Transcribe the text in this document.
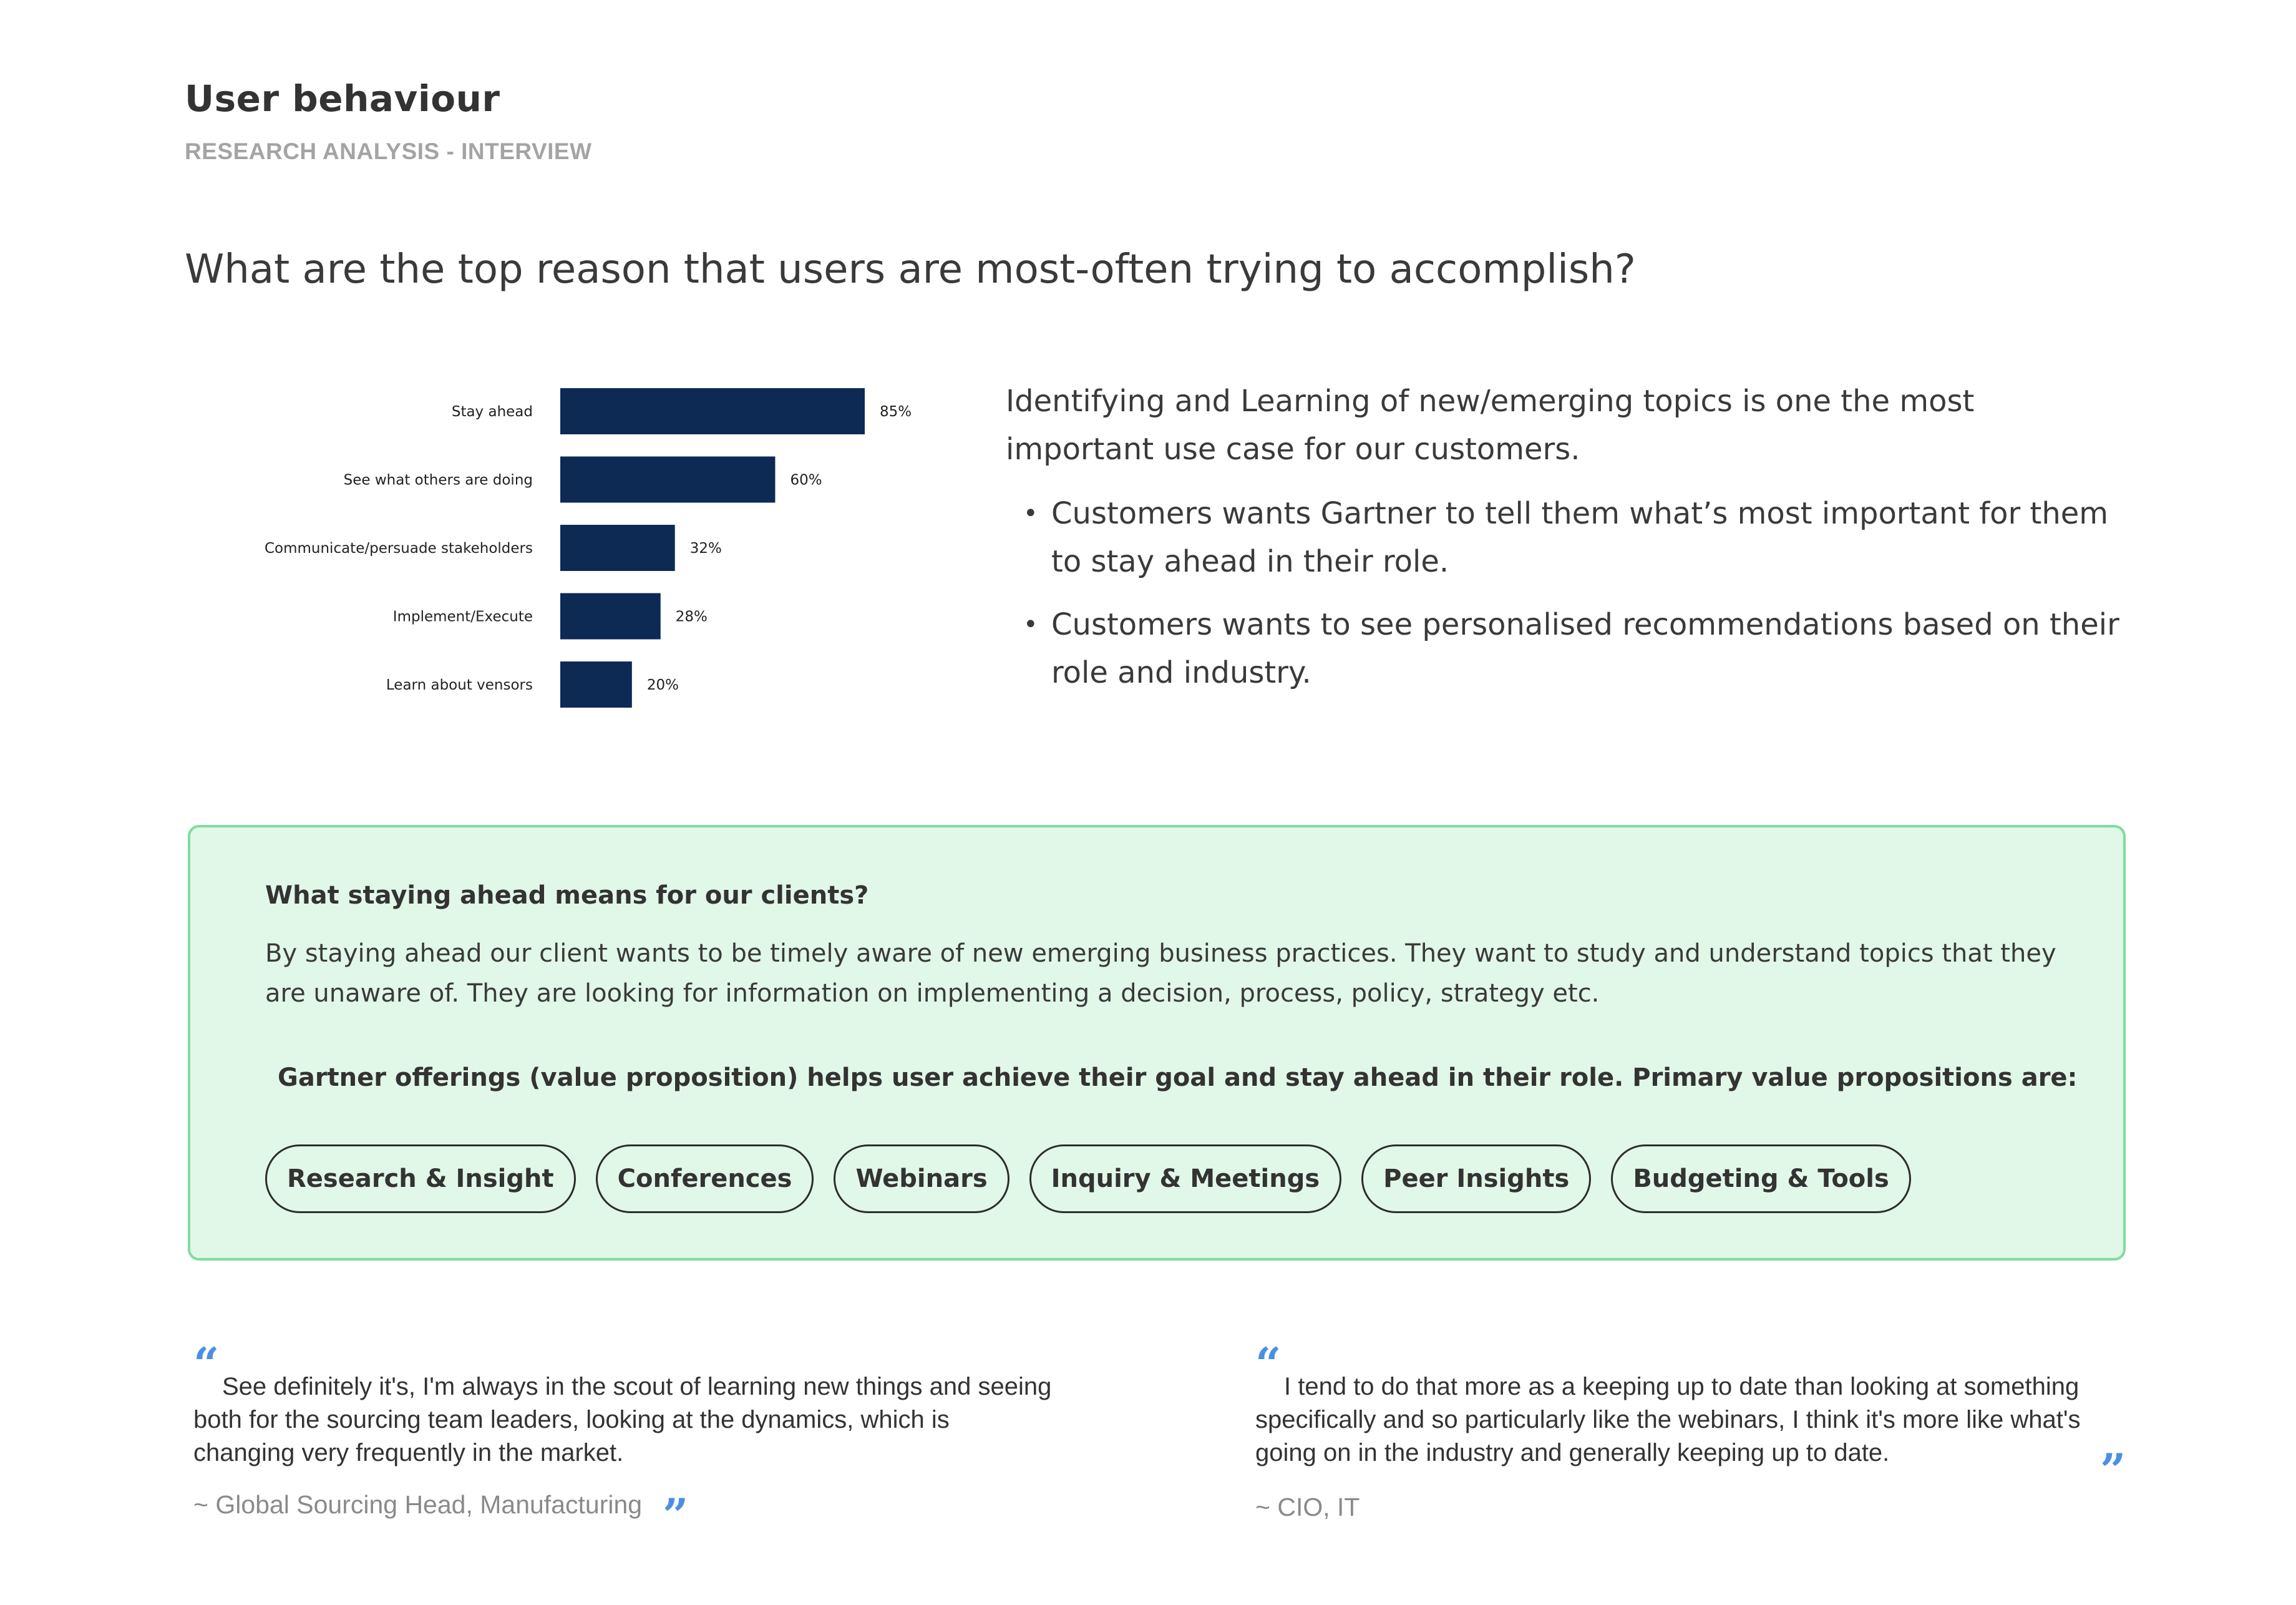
User behaviour
RESEARCH ANALYSIS - INTERVIEW
What are the top reason that users are most-often trying to accomplish?
Stay ahead	85%
See what others are doing	60%
Communicate/persuade stakeholders	32%
Implement/Execute	28%
Learn about vensors	20%
Identifying and Learning of new/emerging topics is one the most important use case for our customers.
• Customers wants Gartner to tell them what’s most important for them to stay ahead in their role.
• Customers wants to see personalised recommendations based on their role and industry.
What staying ahead means for our clients?
By staying ahead our client wants to be timely aware of new emerging business practices. They want to study and understand topics that they are unaware of. They are looking for information on implementing a decision, process, policy, strategy etc.
Gartner offerings (value proposition) helps user achieve their goal and stay ahead in their role. Primary value propositions are:
Research & Insight	Conferences	Webinars	Inquiry & Meetings	Peer Insights	Budgeting & Tools
“ See definitely it's, I'm always in the scout of learning new things and seeing both for the sourcing team leaders, looking at the dynamics, which is changing very frequently in the market.
~ Global Sourcing Head, Manufacturing ”
“ I tend to do that more as a keeping up to date than looking at something specifically and so particularly like the webinars, I think it's more like what's going on in the industry and generally keeping up to date.	”
~ CIO, IT
